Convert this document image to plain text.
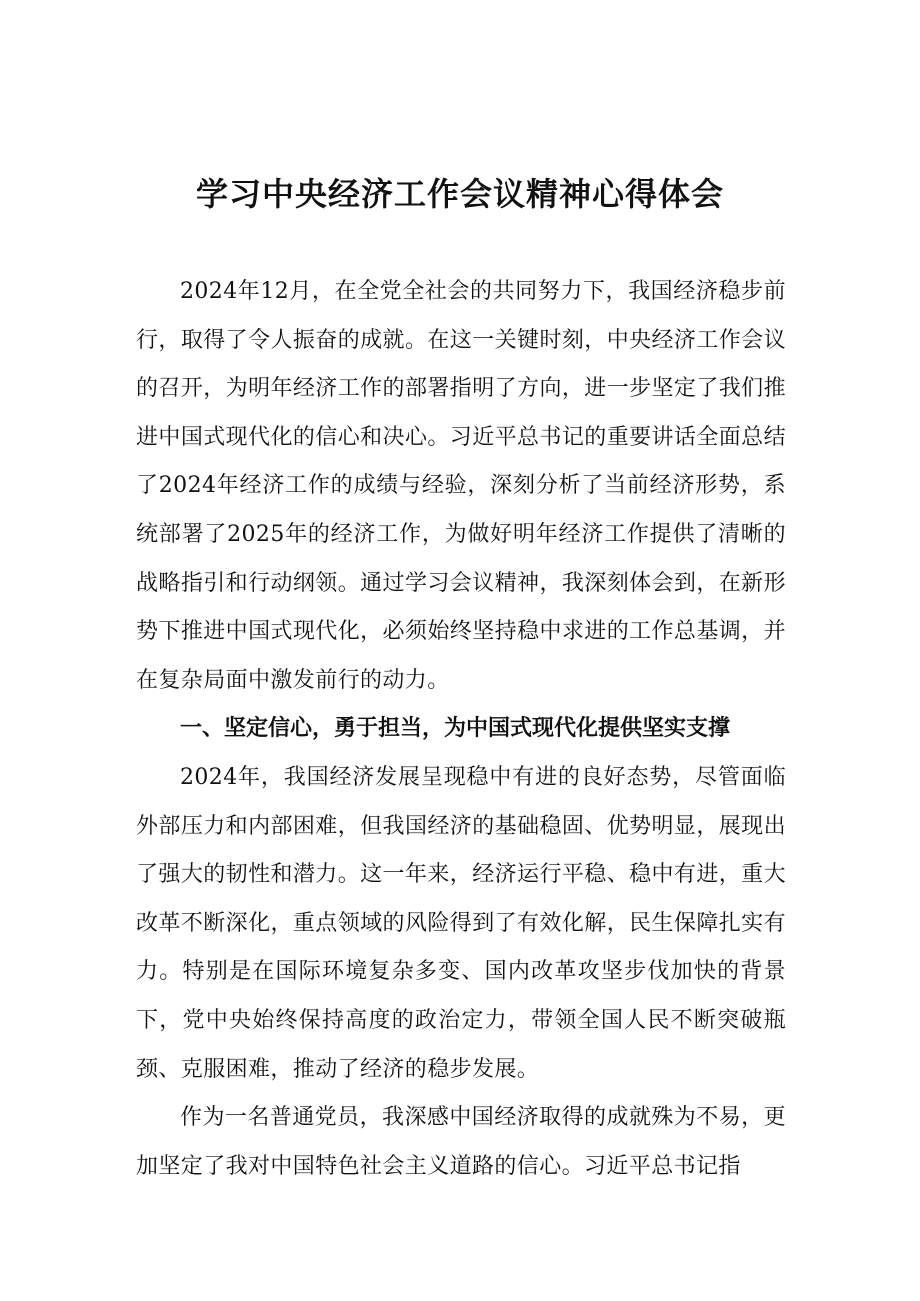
学习中央经济工作会议精神心得体会

2024年12月，在全党全社会的共同努力下，我国经济稳步前行，取得了令人振奋的成就。在这一关键时刻，中央经济工作会议的召开，为明年经济工作的部署指明了方向，进一步坚定了我们推进中国式现代化的信心和决心。习近平总书记的重要讲话全面总结了2024年经济工作的成绩与经验，深刻分析了当前经济形势，系统部署了2025年的经济工作，为做好明年经济工作提供了清晰的战略指引和行动纲领。通过学习会议精神，我深刻体会到，在新形势下推进中国式现代化，必须始终坚持稳中求进的工作总基调，并在复杂局面中激发前行的动力。

一、坚定信心，勇于担当，为中国式现代化提供坚实支撑

2024年，我国经济发展呈现稳中有进的良好态势，尽管面临外部压力和内部困难，但我国经济的基础稳固、优势明显，展现出了强大的韧性和潜力。这一年来，经济运行平稳、稳中有进，重大改革不断深化，重点领域的风险得到了有效化解，民生保障扎实有力。特别是在国际环境复杂多变、国内改革攻坚步伐加快的背景下，党中央始终保持高度的政治定力，带领全国人民不断突破瓶颈、克服困难，推动了经济的稳步发展。

作为一名普通党员，我深感中国经济取得的成就殊为不易，更加坚定了我对中国特色社会主义道路的信心。习近平总书记指
